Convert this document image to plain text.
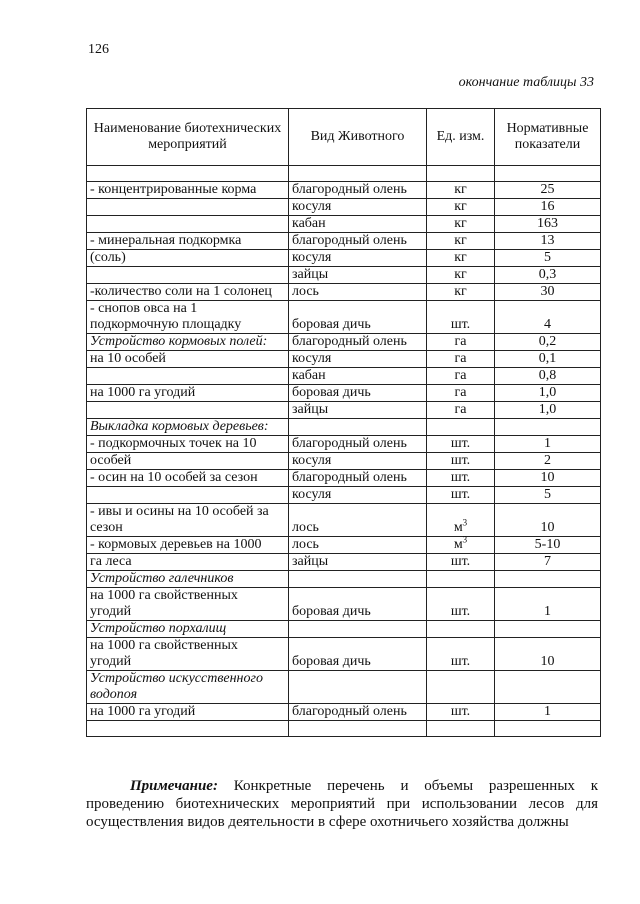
126
окончание таблицы 33
Наименование биотехнических мероприятий	Вид Животного	Ед. изм.	Нормативные показатели

- концентрированные корма	благородный олень	кг	25
	косуля	кг	16
	кабан	кг	163
- минеральная подкормка	благородный олень	кг	13
(соль)	косуля	кг	5
	зайцы	кг	0,3
-количество соли на 1 солонец	лось	кг	30
- снопов овса на 1
подкормочную площадку	боровая дичь	шт.	4
Устройство кормовых полей:	благородный олень	га	0,2
на 10 особей	косуля	га	0,1
	кабан	га	0,8
на 1000 га угодий	боровая дичь	га	1,0
	зайцы	га	1,0
Выкладка кормовых деревьев:			
- подкормочных точек на 10	благородный олень	шт.	1
особей	косуля	шт.	2
- осин на 10 особей за сезон	благородный олень	шт.	10
	косуля	шт.	5
- ивы и осины на 10 особей за
сезон	лось	$м^3$	10
- кормовых деревьев на 1000	лось	$м^3$	5-10
га леса	зайцы	шт.	7
Устройство галечников			
на 1000 га свойственных
угодий	боровая дичь	шт.	1
Устройство порхалищ			
на 1000 га свойственных
угодий	боровая дичь	шт.	10
Устройство искусственного
водопоя			
на 1000 га угодий	благородный олень	шт.	1

Примечание: Конкретные перечень и объемы разрешенных к проведению биотехнических мероприятий при использовании лесов для осуществления видов деятельности в сфере охотничьего хозяйства должны
